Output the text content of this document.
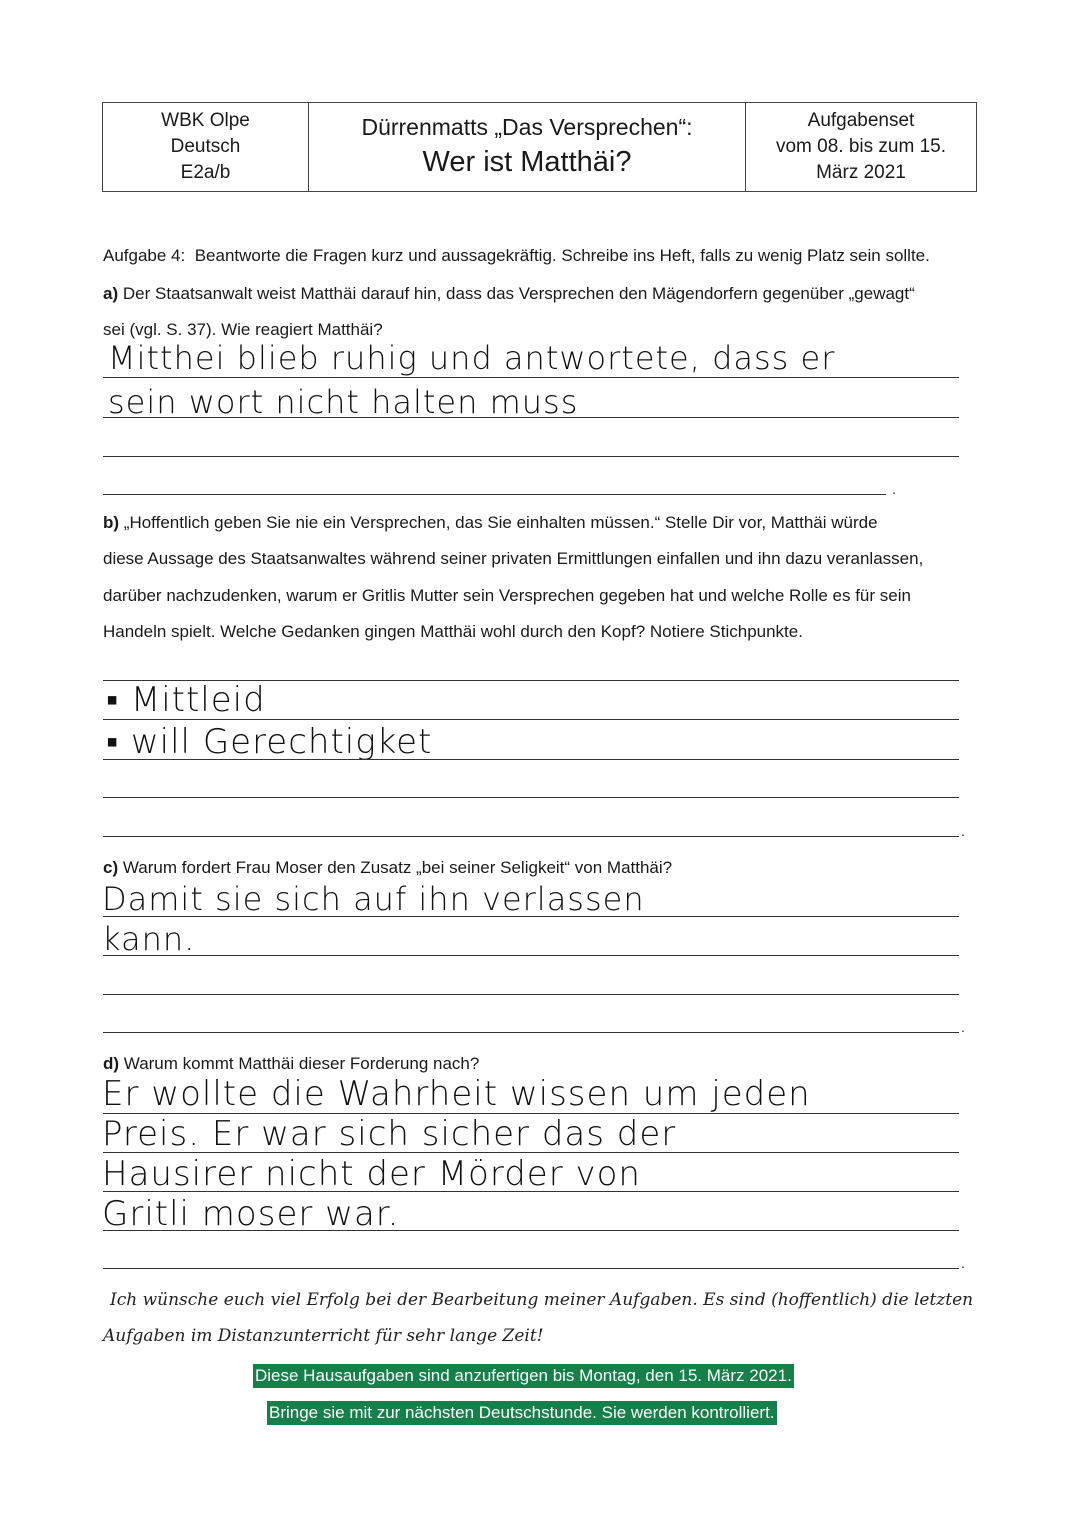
WBK Olpe
Deutsch
E2a/b
Dürrenmatts „Das Versprechen“:
Wer ist Matthäi?
Aufgabenset
vom 08. bis zum 15.
März 2021
Aufgabe 4: Beantworte die Fragen kurz und aussagekräftig. Schreibe ins Heft, falls zu wenig Platz sein sollte.
a) Der Staatsanwalt weist Matthäi darauf hin, dass das Versprechen den Mägendorfern gegenüber „gewagt“
sei (vgl. S. 37). Wie reagiert Matthäi?
Mitthei blieb ruhig und antwortete, dass er
sein wort nicht halten muss
.
b) „Hoffentlich geben Sie nie ein Versprechen, das Sie einhalten müssen.“ Stelle Dir vor, Matthäi würde
diese Aussage des Staatsanwaltes während seiner privaten Ermittlungen einfallen und ihn dazu veranlassen,
darüber nachzudenken, warum er Gritlis Mutter sein Versprechen gegeben hat und welche Rolle es für sein
Handeln spielt. Welche Gedanken gingen Matthäi wohl durch den Kopf? Notiere Stichpunkte.
▪ Mittleid
▪ will Gerechtigket
.
c) Warum fordert Frau Moser den Zusatz „bei seiner Seligkeit“ von Matthäi?
Damit sie sich auf ihn verlassen
kann.
.
d) Warum kommt Matthäi dieser Forderung nach?
Er wollte die Wahrheit wissen um jeden
Preis. Er war sich sicher das der
Hausirer nicht der Mörder von
Gritli moser war.
.
Ich wünsche euch viel Erfolg bei der Bearbeitung meiner Aufgaben. Es sind (hoffentlich) die letzten
Aufgaben im Distanzunterricht für sehr lange Zeit!
Diese Hausaufgaben sind anzufertigen bis Montag, den 15. März 2021.
Bringe sie mit zur nächsten Deutschstunde. Sie werden kontrolliert.
